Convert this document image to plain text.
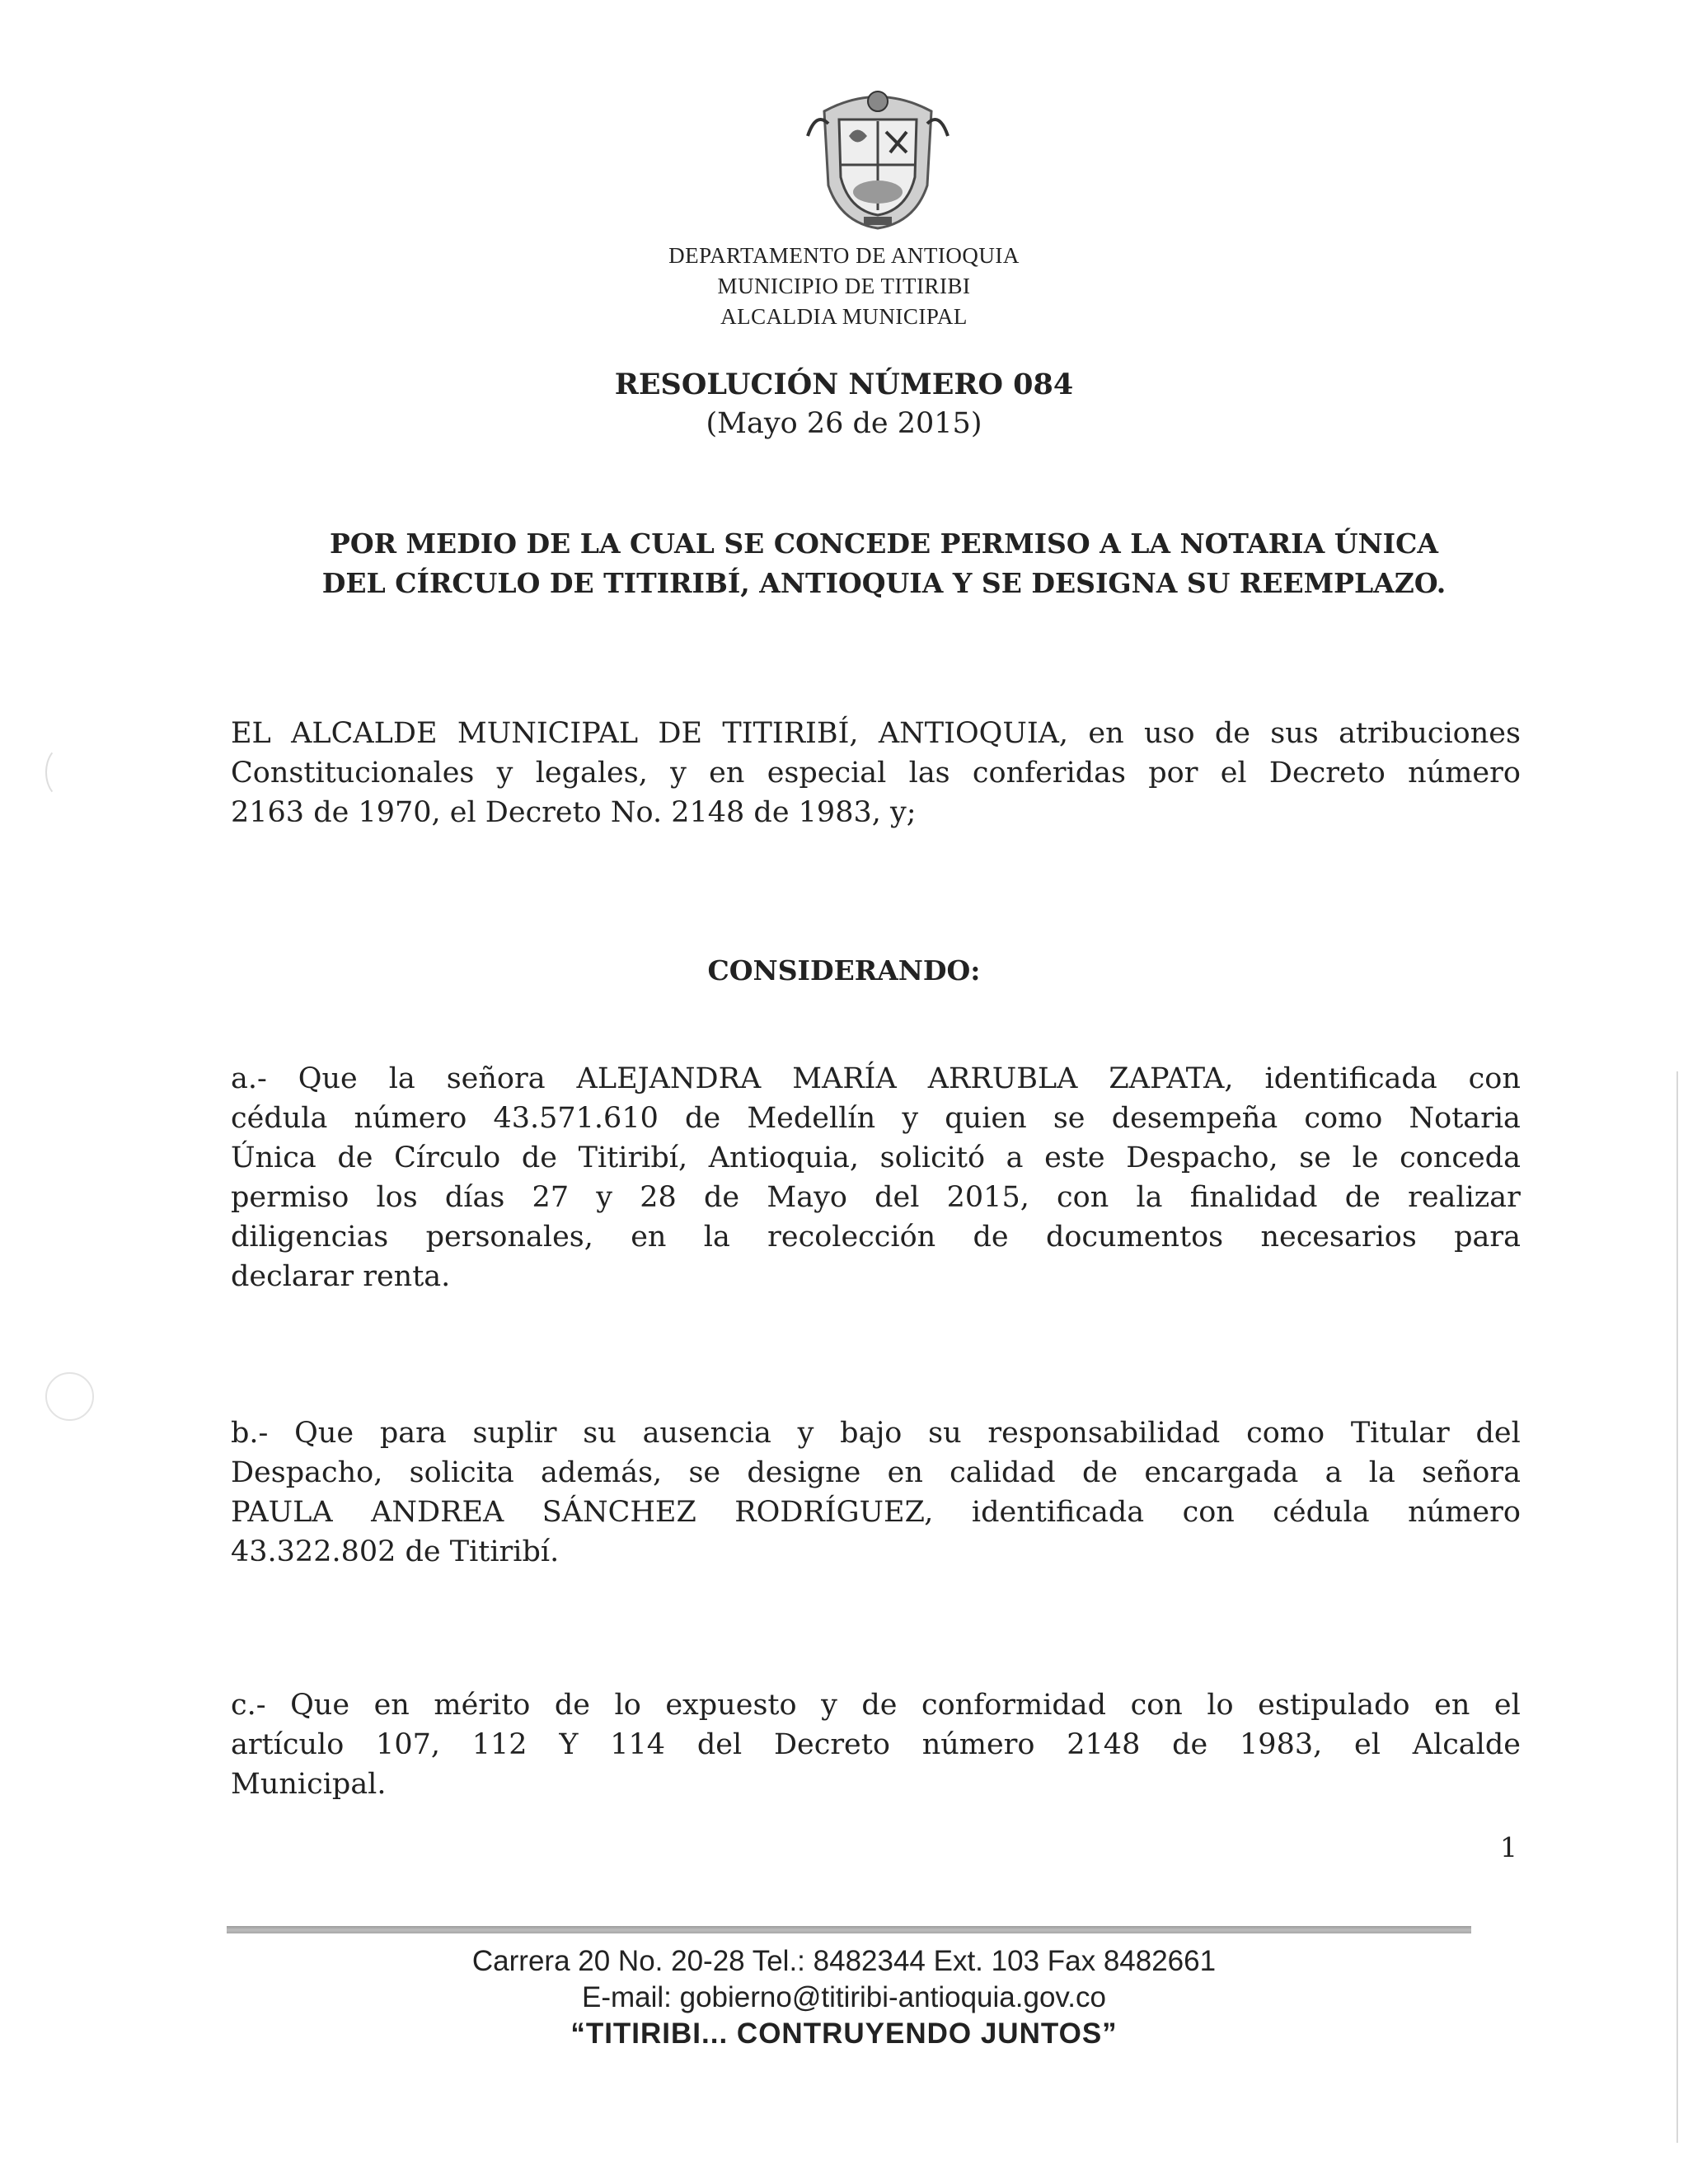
DEPARTAMENTO DE ANTIOQUIA
MUNICIPIO DE TITIRIBI
ALCALDIA MUNICIPAL
RESOLUCIÓN NÚMERO 084
(Mayo 26 de 2015)
POR MEDIO DE LA CUAL SE CONCEDE PERMISO A LA NOTARIA ÚNICA
DEL CÍRCULO DE TITIRIBÍ, ANTIOQUIA Y SE DESIGNA SU REEMPLAZO.
EL ALCALDE MUNICIPAL DE TITIRIBÍ, ANTIOQUIA, en uso de sus atribuciones
Constitucionales y legales, y en especial las conferidas por el Decreto número
2163 de 1970, el Decreto No. 2148 de 1983, y;
CONSIDERANDO:
a.- Que la señora ALEJANDRA MARÍA ARRUBLA ZAPATA, identificada con
cédula número 43.571.610 de Medellín y quien se desempeña como Notaria
Única de Círculo de Titiribí, Antioquia, solicitó a este Despacho, se le conceda
permiso los días 27 y 28 de Mayo del 2015, con la finalidad de realizar
diligencias personales, en la recolección de documentos necesarios para
declarar renta.
b.- Que para suplir su ausencia y bajo su responsabilidad como Titular del
Despacho, solicita además, se designe en calidad de encargada a la señora
PAULA ANDREA SÁNCHEZ RODRÍGUEZ, identificada con cédula número
43.322.802 de Titiribí.
c.- Que en mérito de lo expuesto y de conformidad con lo estipulado en el
artículo 107, 112 Y 114 del Decreto número 2148 de 1983, el Alcalde
Municipal.
1
Carrera 20 No. 20-28 Tel.: 8482344 Ext. 103 Fax 8482661
E-mail: gobierno@titiribi-antioquia.gov.co
“TITIRIBI... CONTRUYENDO JUNTOS”
